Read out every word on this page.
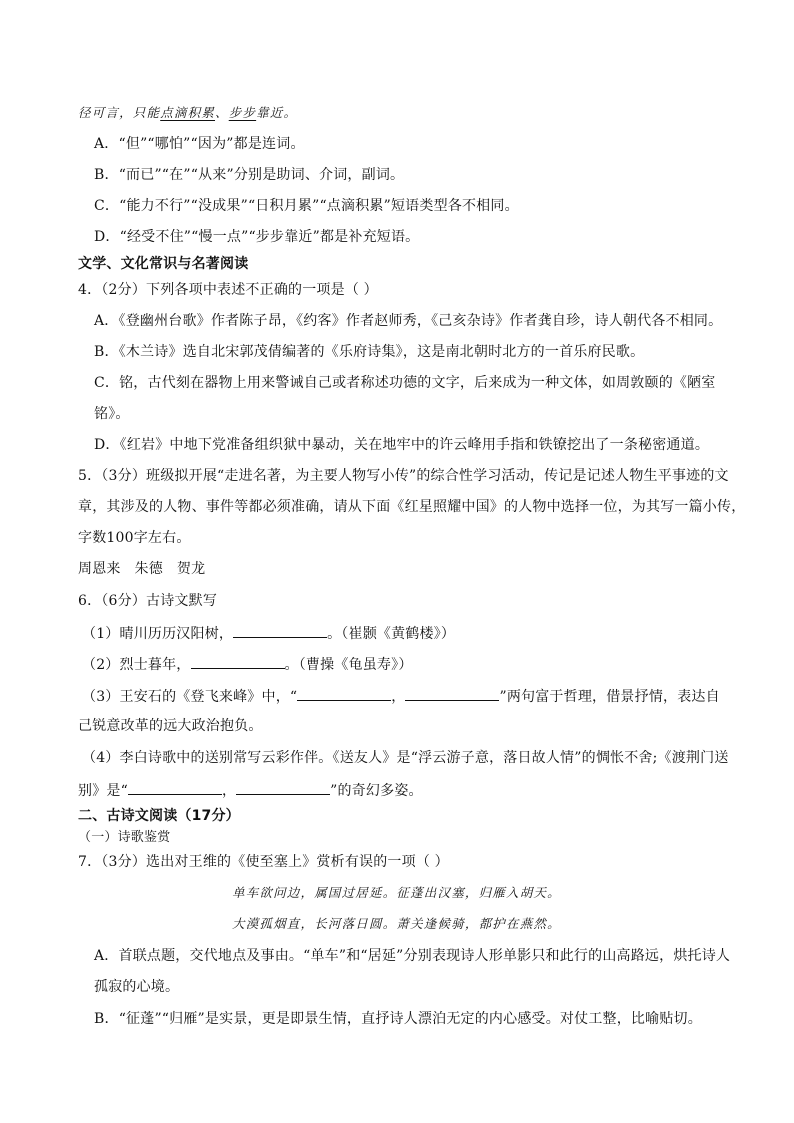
径可言，只能点滴积累、步步靠近。
A．“但”“哪怕”“因为”都是连词。
B．“而已”“在”“从来”分别是助词、介词，副词。
C．“能力不行”“没成果”“日积月累”“点滴积累”短语类型各不相同。
D．“经受不住”“慢一点”“步步靠近”都是补充短语。
文学、文化常识与名著阅读
4．（2分）下列各项中表述不正确的一项是（ ）
A．《登幽州台歌》作者陈子昂，《约客》作者赵师秀，《己亥杂诗》作者龚自珍，诗人朝代各不相同。
B．《木兰诗》选自北宋郭茂倩编著的《乐府诗集》，这是南北朝时北方的一首乐府民歌。
C．铭，古代刻在器物上用来警诫自己或者称述功德的文字，后来成为一种文体，如周敦颐的《陋室
铭》。
D．《红岩》中地下党准备组织狱中暴动，关在地牢中的许云峰用手指和铁镣挖出了一条秘密通道。
5．（3分）班级拟开展“走进名著，为主要人物写小传”的综合性学习活动，传记是记述人物生平事迹的文
章，其涉及的人物、事件等都必须准确，请从下面《红星照耀中国》的人物中选择一位，为其写一篇小传，
字数100字左右。
周恩来   朱德   贺龙
6．（6分）古诗文默写
（1）晴川历历汉阳树，	。（崔颢《黄鹤楼》）
（2）烈士暮年，	。（曹操《龟虽寿》）
（3）王安石的《登飞来峰》中，“	，	”两句富于哲理，借景抒情，表达自
己锐意改革的远大政治抱负。
（4）李白诗歌中的送别常写云彩作伴。《送友人》是“浮云游子意，落日故人情”的惆怅不舍;《渡荆门送
别》是“	，	”的奇幻多姿。
二、古诗文阅读（17分）
（一）诗歌鉴赏
7．（3分）选出对王维的《使至塞上》赏析有误的一项（ ）
单车欲问边，属国过居延。征蓬出汉塞，归雁入胡天。
大漠孤烟直，长河落日圆。萧关逢候骑，都护在燕然。
A．首联点题，交代地点及事由。“单车”和“居延”分别表现诗人形单影只和此行的山高路远，烘托诗人
孤寂的心境。
B．“征蓬”“归雁”是实景，更是即景生情，直抒诗人漂泊无定的内心感受。对仗工整，比喻贴切。
